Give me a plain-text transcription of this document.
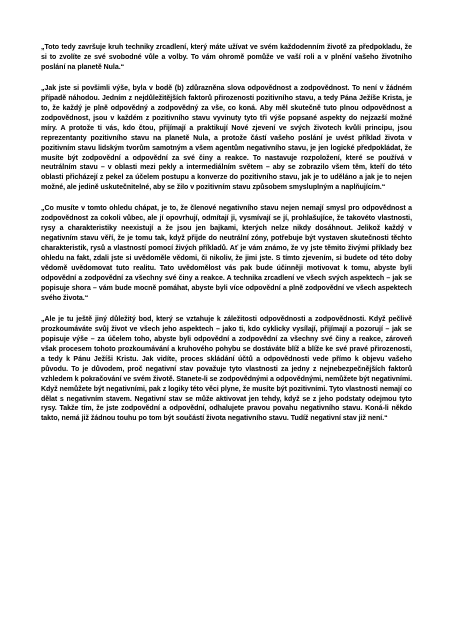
„Toto tedy završuje kruh techniky zrcadlení, který máte užívat ve svém každodenním životě za předpokladu, že si to zvolíte ze své svobodné vůle a volby. To vám ohromě pomůže ve vaší roli a v plnění vašeho životního poslání na planetě Nula.“

„Jak jste si povšimli výše, byla v bodě (b) zdůrazněna slova odpovědnost a zodpovědnost. To není v žádném případě náhodou. Jedním z nejdůležitějších faktorů přirozenosti pozitivního stavu, a tedy Pána Ježíše Krista, je to, že každý je plně odpovědný a zodpovědný za vše, co koná. Aby měl skutečně tuto plnou odpovědnost a zodpovědnost, jsou v každém z pozitivního stavu vyvinuty tyto tři výše popsané aspekty do nejzazší možné míry. A protože ti vás, kdo čtou, přijímají a praktikují Nové zjevení ve svých životech kvůli principu, jsou reprezentanty pozitivního stavu na planetě Nula, a protože částí vašeho poslání je uvést příklad života v pozitivním stavu lidským tvorům samotným a všem agentům negativního stavu, je jen logické předpokládat, že musíte být zodpovědní a odpovědní za své činy a reakce. To nastavuje rozpoložení, které se používá v neutrálním stavu – v oblasti mezi pekly a intermediálním světem – aby se zobrazilo všem těm, kteří do této oblasti přicházejí z pekel za účelem postupu a konverze do pozitivního stavu, jak je to uděláno a jak je to nejen možné, ale jedině uskutečnitelné, aby se žilo v pozitivním stavu způsobem smysluplným a naplňujícím.“

„Co musíte v tomto ohledu chápat, je to, že členové negativního stavu nejen nemají smysl pro odpovědnost a zodpovědnost za cokoli vůbec, ale jí opovrhují, odmítají ji, vysmívají se jí, prohlašujíce, že takovéto vlastnosti, rysy a charakteristiky neexistují a že jsou jen bajkami, kterých nelze nikdy dosáhnout. Jelikož každý v negativním stavu věří, že je tomu tak, když přijde do neutrální zóny, potřebuje být vystaven skutečnosti těchto charakteristik, rysů a vlastností pomocí živých příkladů. Ať je vám známo, že vy jste těmito živými příklady bez ohledu na fakt, zdali jste si uvědoměle vědomi, či nikoliv, že jimi jste. S tímto zjevením, si budete od této doby vědomě uvědomovat tuto realitu. Tato uvědomělost vás pak bude účinněji motivovat k tomu, abyste byli odpovědní a zodpovědní za všechny své činy a reakce. A technika zrcadlení ve všech svých aspektech – jak se popisuje shora – vám bude mocně pomáhat, abyste byli více odpovědní a plně zodpovědní ve všech aspektech svého života.“

„Ale je tu ještě jiný důležitý bod, který se vztahuje k záležitosti odpovědnosti a zodpovědnosti. Když pečlivě prozkoumáváte svůj život ve všech jeho aspektech – jako ti, kdo cyklicky vysílají, přijímají a pozorují – jak se popisuje výše – za účelem toho, abyste byli odpovědní a zodpovědní za všechny své činy a reakce, zároveň však procesem tohoto prozkoumávání a kruhového pohybu se dostáváte blíž a blíže ke své pravé přirozenosti, a tedy k Pánu Ježíši Kristu. Jak vidíte, proces skládání účtů a odpovědnosti vede přímo k objevu vašeho původu. To je důvodem, proč negativní stav považuje tyto vlastnosti za jedny z nejnebezpečnějších faktorů vzhledem k pokračování ve svém životě. Stanete-li se zodpovědnými a odpovědnými, nemůžete být negativními. Když nemůžete být negativními, pak z logiky této věci plyne, že musíte být pozitivními. Tyto vlastnosti nemají co dělat s negativním stavem. Negativní stav se může aktivovat jen tehdy, když se z jeho podstaty odejmou tyto rysy. Takže tím, že jste zodpovědní a odpovědní, odhalujete pravou povahu negativního stavu. Koná-li někdo takto, nemá již žádnou touhu po tom být součástí života negativního stavu. Tudíž negativní stav již není.“
